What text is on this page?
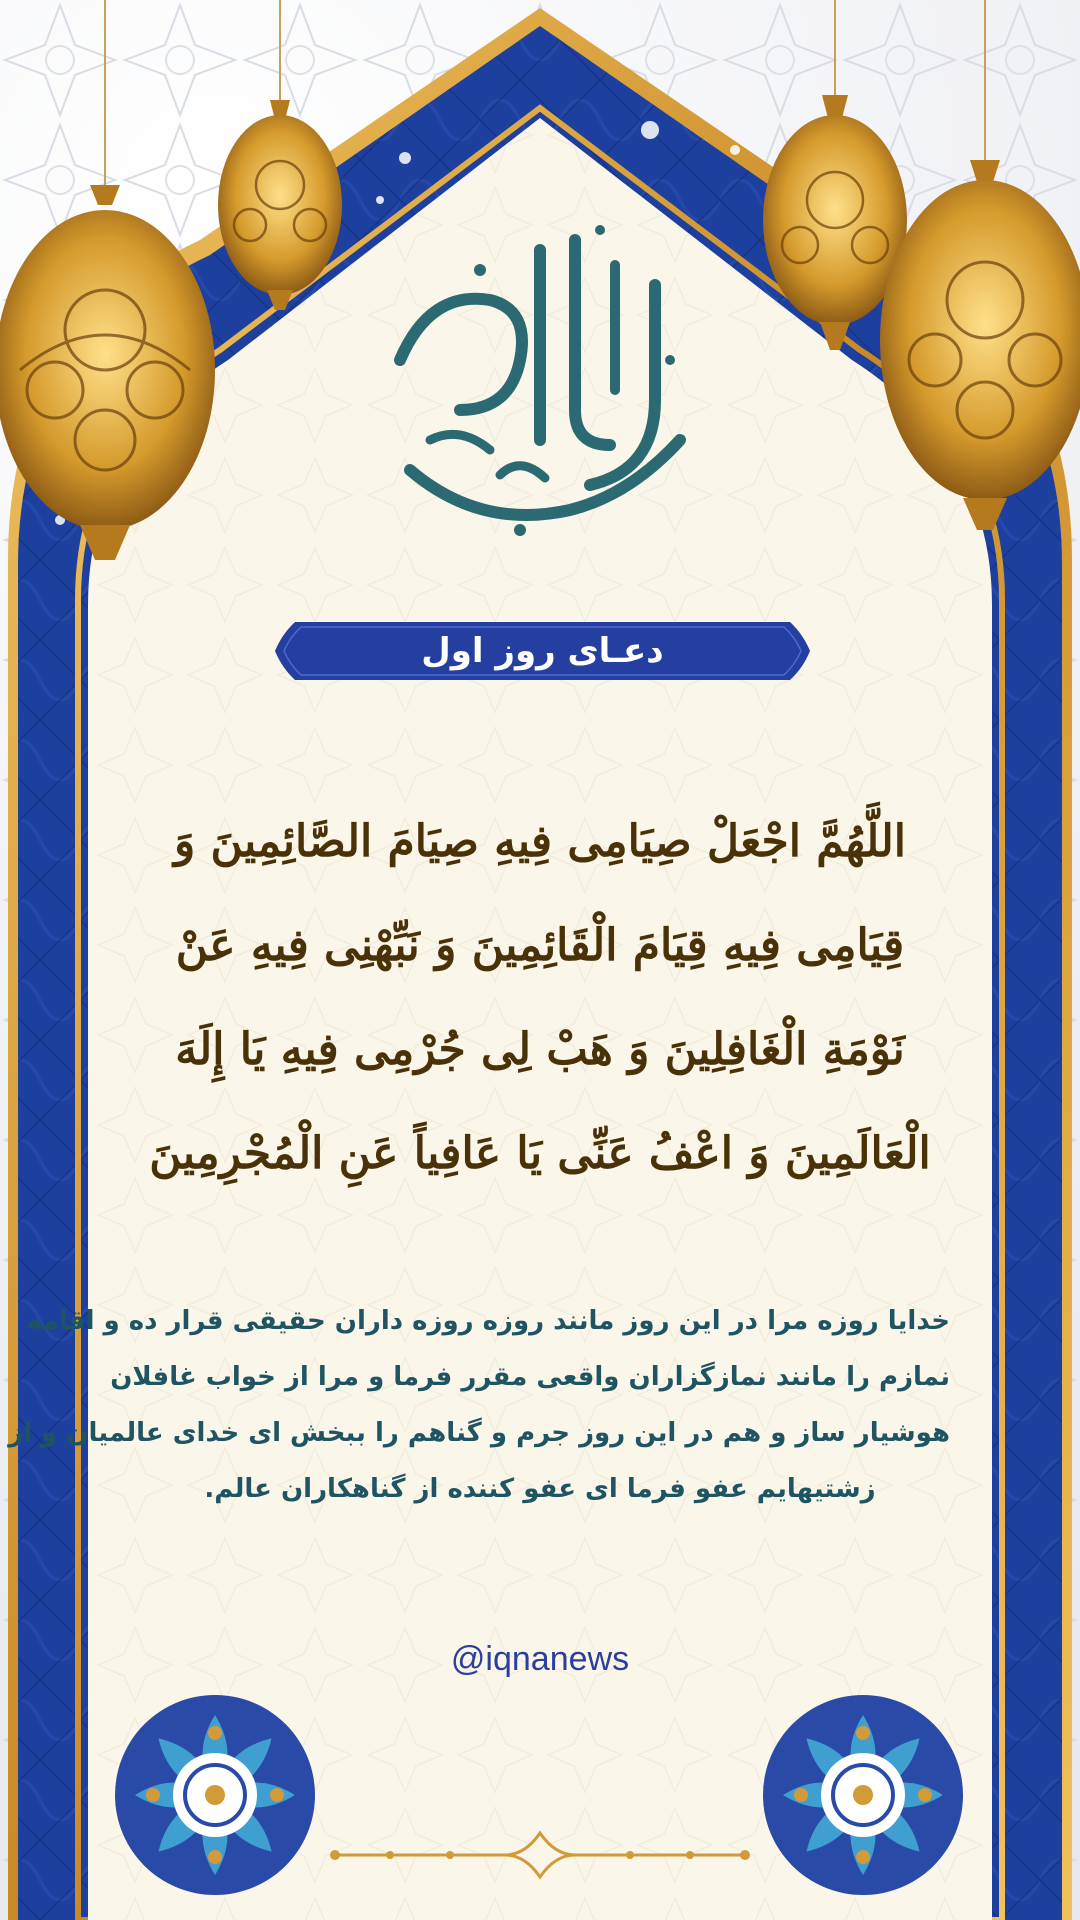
دعـای روز اول
اللَّهُمَّ اجْعَلْ صِيَامِى فِيهِ صِيَامَ الصَّائِمِينَ وَ
قِيَامِى فِيهِ قِيَامَ الْقَائِمِينَ وَ نَبِّهْنِى فِيهِ عَنْ
نَوْمَةِ الْغَافِلِينَ وَ هَبْ لِى جُرْمِى فِيهِ يَا إِلَهَ
الْعَالَمِينَ وَ اعْفُ عَنِّى يَا عَافِياً عَنِ الْمُجْرِمِينَ
خدایا روزه مرا در این روز مانند روزه روزه داران حقیقی قرار ده و اقامه
نمازم را مانند نمازگزاران واقعی مقرر فرما و مرا از خواب غافلان
هوشیار ساز و هم در این روز جرم و گناهم را ببخش ای خدای عالمیان و از
زشتیهایم عفو فرما ای عفو کننده از گناهکاران عالم.
@iqnanews
